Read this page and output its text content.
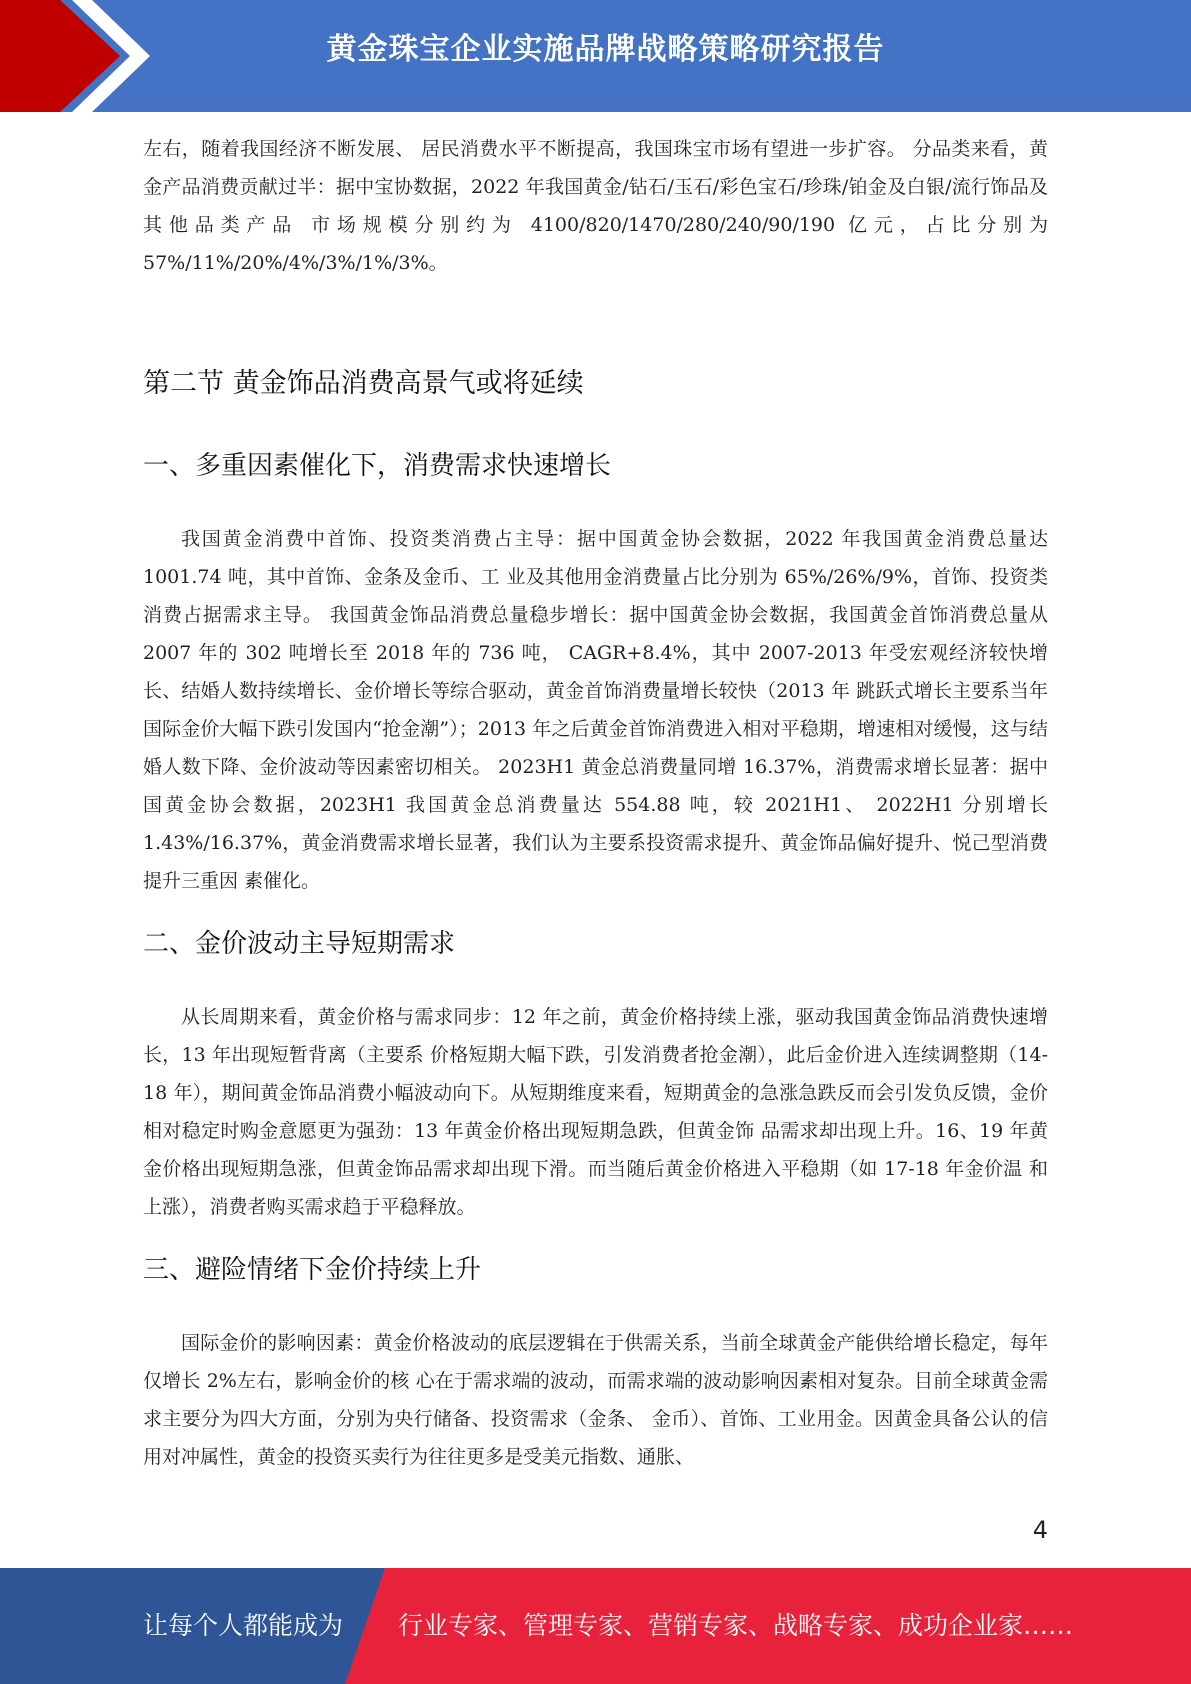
黄金珠宝企业实施品牌战略策略研究报告

左右，随着我国经济不断发展、 居民消费水平不断提高，我国珠宝市场有望进一步扩容。 分品类来看，黄金产品消费贡献过半：据中宝协数据，2022 年我国黄金/钻石/玉石/彩色宝石/珍珠/铂金及白银/流行饰品及其他品类产品 市场规模分别约为 4100/820/1470/280/240/90/190 亿元，占比分别为 57%/11%/20%/4%/3%/1%/3%。

第二节 黄金饰品消费高景气或将延续
一、多重因素催化下，消费需求快速增长

我国黄金消费中首饰、投资类消费占主导：据中国黄金协会数据，2022 年我国黄金消费总量达 1001.74 吨，其中首饰、金条及金币、工 业及其他用金消费量占比分别为 65%/26%/9%，首饰、投资类消费占据需求主导。 我国黄金饰品消费总量稳步增长：据中国黄金协会数据，我国黄金首饰消费总量从 2007 年的 302 吨增长至 2018 年的 736 吨， CAGR+8.4%，其中 2007-2013 年受宏观经济较快增长、结婚人数持续增长、金价增长等综合驱动，黄金首饰消费量增长较快（2013 年 跳跃式增长主要系当年国际金价大幅下跌引发国内“抢金潮”）；2013 年之后黄金首饰消费进入相对平稳期，增速相对缓慢，这与结 婚人数下降、金价波动等因素密切相关。 2023H1 黄金总消费量同增 16.37%，消费需求增长显著：据中国黄金协会数据，2023H1 我国黄金总消费量达 554.88 吨，较 2021H1、 2022H1 分别增长 1.43%/16.37%，黄金消费需求增长显著，我们认为主要系投资需求提升、黄金饰品偏好提升、悦己型消费提升三重因 素催化。

二、金价波动主导短期需求

从长周期来看，黄金价格与需求同步：12 年之前，黄金价格持续上涨，驱动我国黄金饰品消费快速增长，13 年出现短暂背离（主要系 价格短期大幅下跌，引发消费者抢金潮），此后金价进入连续调整期（14-18 年），期间黄金饰品消费小幅波动向下。从短期维度来看，短期黄金的急涨急跌反而会引发负反馈，金价相对稳定时购金意愿更为强劲：13 年黄金价格出现短期急跌，但黄金饰 品需求却出现上升。16、19 年黄金价格出现短期急涨，但黄金饰品需求却出现下滑。而当随后黄金价格进入平稳期（如 17-18 年金价温 和上涨），消费者购买需求趋于平稳释放。

三、避险情绪下金价持续上升

国际金价的影响因素：黄金价格波动的底层逻辑在于供需关系，当前全球黄金产能供给增长稳定，每年仅增长 2%左右，影响金价的核 心在于需求端的波动，而需求端的波动影响因素相对复杂。目前全球黄金需求主要分为四大方面，分别为央行储备、投资需求（金条、 金币）、首饰、工业用金。因黄金具备公认的信用对冲属性，黄金的投资买卖行为往往更多是受美元指数、通胀、

4
让每个人都能成为 行业专家、管理专家、营销专家、战略专家、成功企业家……
